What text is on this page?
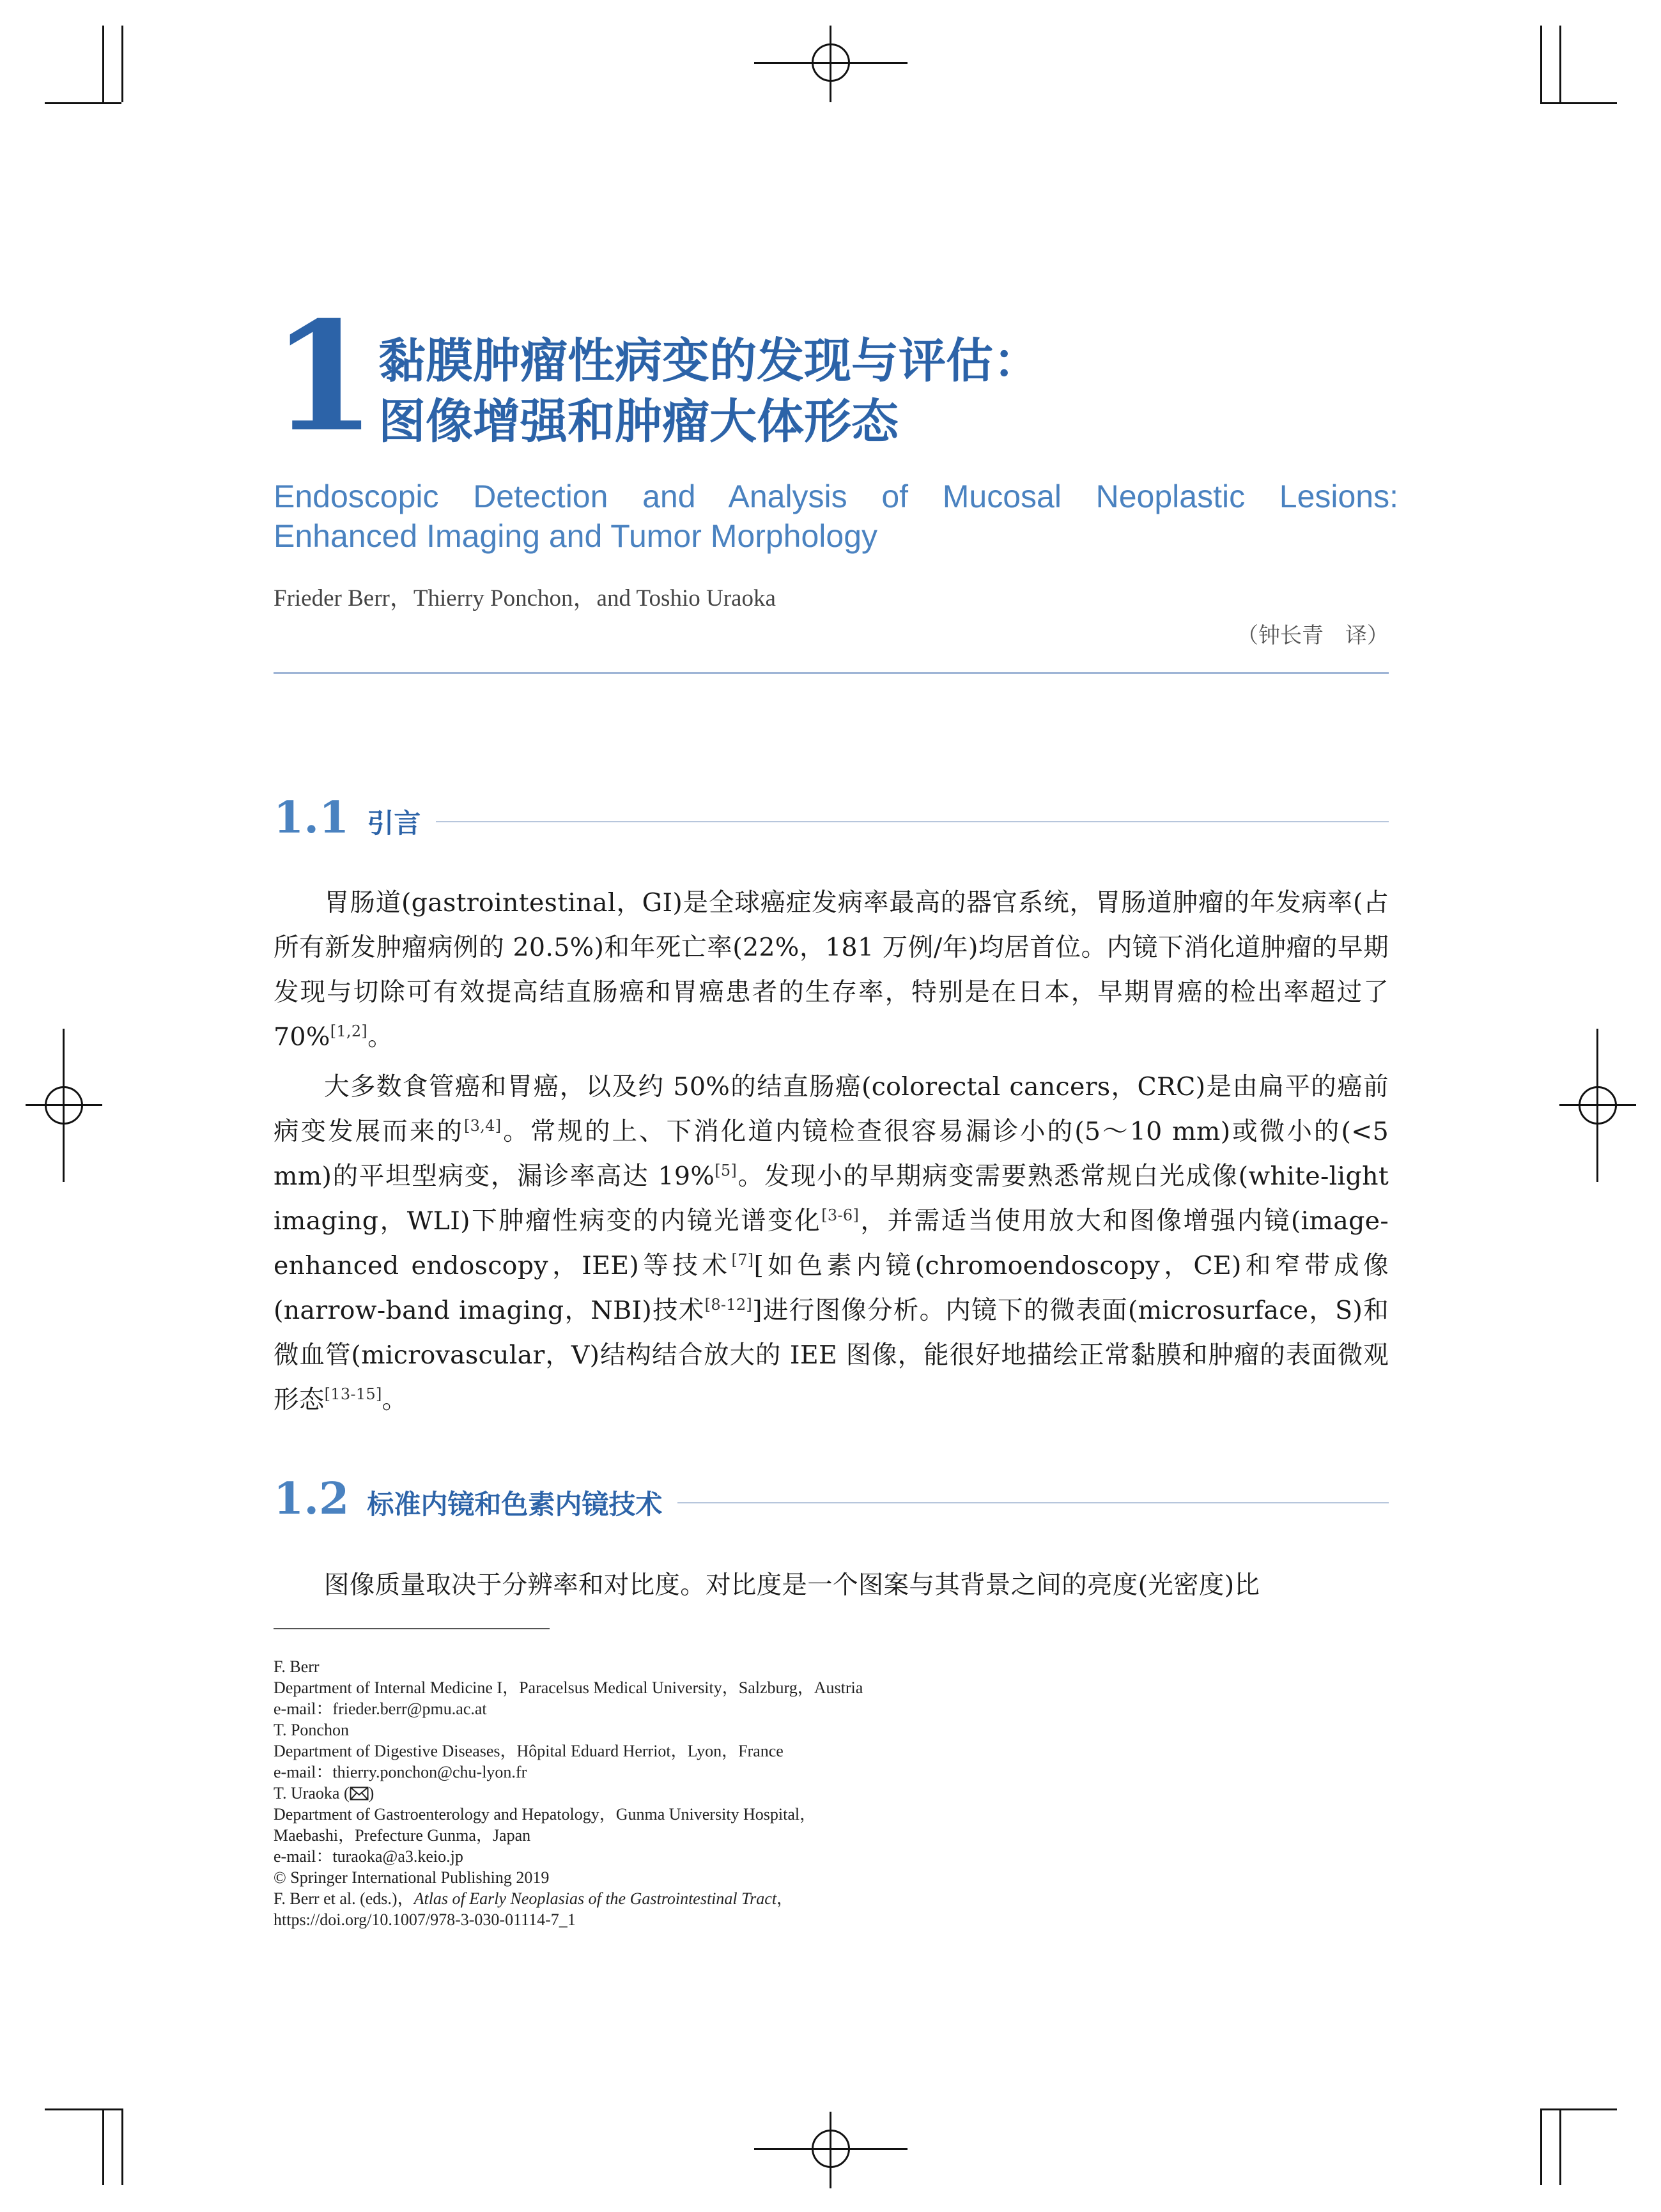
1 黏膜肿瘤性病变的发现与评估：
图像增强和肿瘤大体形态
Endoscopic Detection and Analysis of Mucosal Neoplastic Lesions:
Enhanced Imaging and Tumor Morphology
Frieder Berr，Thierry Ponchon，and Toshio Uraoka
（钟长青　译）
1.1 引言
胃肠道(gastrointestinal，GI)是全球癌症发病率最高的器官系统，胃肠道肿瘤的年发病率(占所有新发肿瘤病例的 20.5%)和年死亡率(22%，181 万例/年)均居首位。内镜下消化道肿瘤的早期发现与切除可有效提高结直肠癌和胃癌患者的生存率，特别是在日本，早期胃癌的检出率超过了 70%[1,2]。
大多数食管癌和胃癌，以及约 50%的结直肠癌(colorectal cancers，CRC)是由扁平的癌前病变发展而来的[3,4]。常规的上、下消化道内镜检查很容易漏诊小的(5～10 mm)或微小的(<5 mm)的平坦型病变，漏诊率高达 19%[5]。发现小的早期病变需要熟悉常规白光成像(white-light imaging，WLI)下肿瘤性病变的内镜光谱变化[3-6]，并需适当使用放大和图像增强内镜(image-enhanced endoscopy，IEE)等技术[7][如色素内镜(chromoendoscopy，CE)和窄带成像(narrow-band imaging，NBI)技术[8-12]]进行图像分析。内镜下的微表面(microsurface，S)和微血管(microvascular，V)结构结合放大的 IEE 图像，能很好地描绘正常黏膜和肿瘤的表面微观形态[13-15]。
1.2 标准内镜和色素内镜技术
图像质量取决于分辨率和对比度。对比度是一个图案与其背景之间的亮度(光密度)比
F. Berr
Department of Internal Medicine I，Paracelsus Medical University，Salzburg，Austria
e-mail：frieder.berr@pmu.ac.at
T. Ponchon
Department of Digestive Diseases，Hôpital Eduard Herriot，Lyon，France
e-mail：thierry.ponchon@chu-lyon.fr
T. Uraoka ( )
Department of Gastroenterology and Hepatology，Gunma University Hospital，
Maebashi，Prefecture Gunma，Japan
e-mail：turaoka@a3.keio.jp
© Springer International Publishing 2019
F. Berr et al. (eds.)，Atlas of Early Neoplasias of the Gastrointestinal Tract，
https://doi.org/10.1007/978-3-030-01114-7_1
